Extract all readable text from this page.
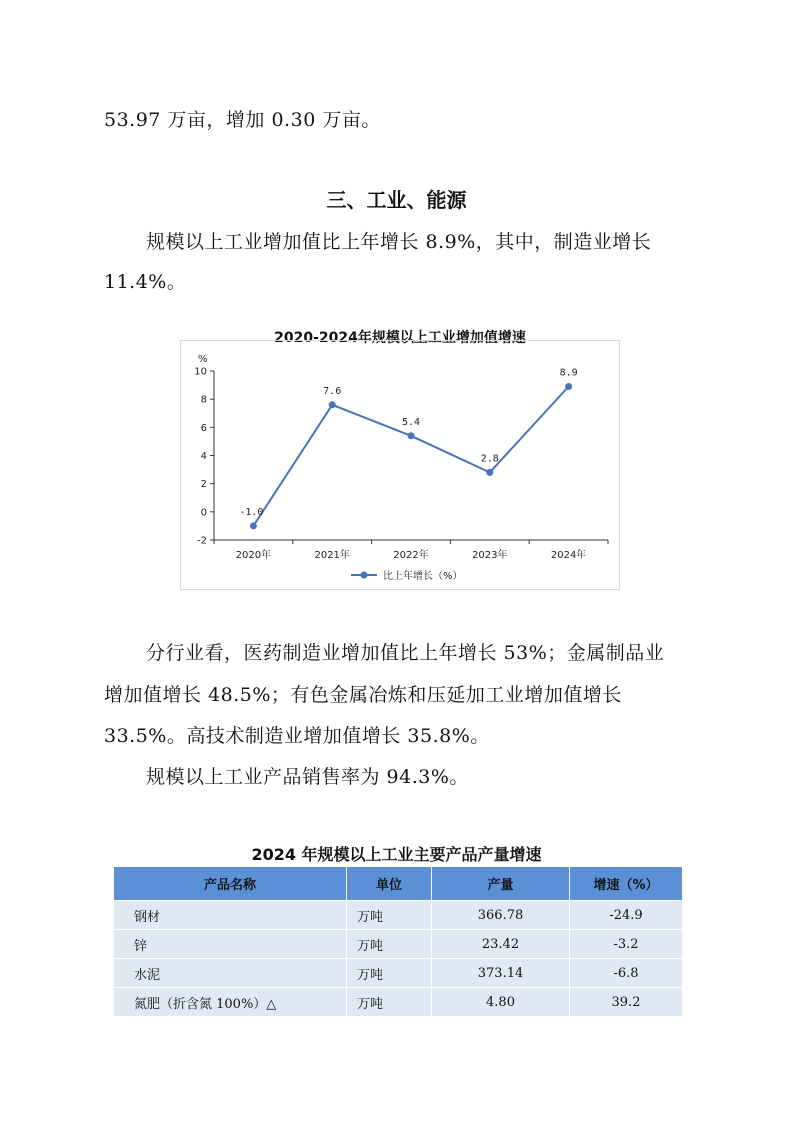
53.97 万亩，增加 0.30 万亩。

三、工业、能源

规模以上工业增加值比上年增长 8.9%，其中，制造业增长

11.4%。

2020-2024年规模以上工业增加值增速
%
-2
0
2
4
6
8
10
2020年	2021年	2022年	2023年	2024年
-1.0
7.6
5.4
2.8
8.9
比上年增长（%）

分行业看，医药制造业增加值比上年增长 53%；金属制品业

增加值增长 48.5%；有色金属冶炼和压延加工业增加值增长

33.5%。高技术制造业增加值增长 35.8%。

规模以上工业产品销售率为 94.3%。

2024 年规模以上工业主要产品产量增速
产品名称	单位	产量	增速（%）
钢材	万吨	366.78	-24.9
锌	万吨	23.42	-3.2
水泥	万吨	373.14	-6.8
氮肥（折含氮 100%）△	万吨	4.80	39.2
